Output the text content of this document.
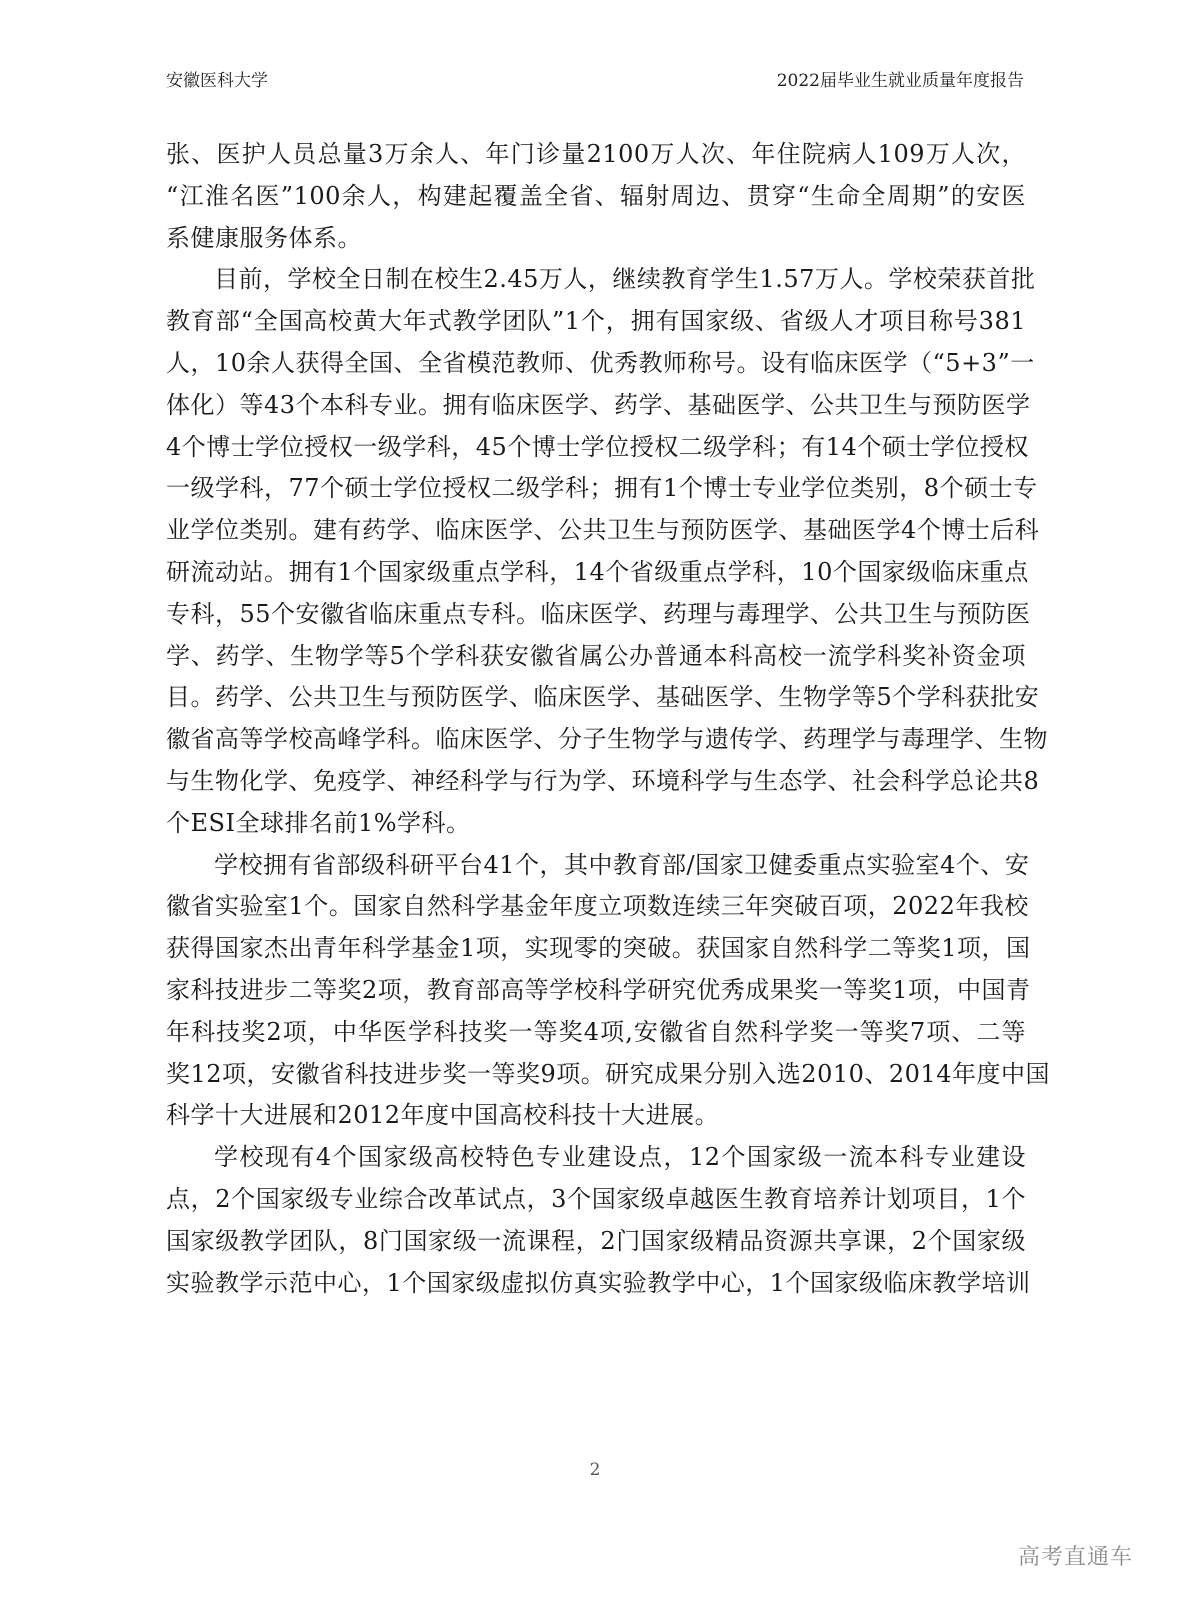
安徽医科大学	2022届毕业生就业质量年度报告
张、医护人员总量3万余人、年门诊量2100万人次、年住院病人109万人次，
“江淮名医”100余人，构建起覆盖全省、辐射周边、贯穿“生命全周期”的安医
系健康服务体系。
目前，学校全日制在校生2.45万人，继续教育学生1.57万人。学校荣获首批
教育部“全国高校黄大年式教学团队”1个，拥有国家级、省级人才项目称号381
人，10余人获得全国、全省模范教师、优秀教师称号。设有临床医学（“5+3”一
体化）等43个本科专业。拥有临床医学、药学、基础医学、公共卫生与预防医学
4个博士学位授权一级学科，45个博士学位授权二级学科；有14个硕士学位授权
一级学科，77个硕士学位授权二级学科；拥有1个博士专业学位类别，8个硕士专
业学位类别。建有药学、临床医学、公共卫生与预防医学、基础医学4个博士后科
研流动站。拥有1个国家级重点学科，14个省级重点学科，10个国家级临床重点
专科，55个安徽省临床重点专科。临床医学、药理与毒理学、公共卫生与预防医
学、药学、生物学等5个学科获安徽省属公办普通本科高校一流学科奖补资金项
目。药学、公共卫生与预防医学、临床医学、基础医学、生物学等5个学科获批安
徽省高等学校高峰学科。临床医学、分子生物学与遗传学、药理学与毒理学、生物
与生物化学、免疫学、神经科学与行为学、环境科学与生态学、社会科学总论共8
个ESI全球排名前1%学科。
学校拥有省部级科研平台41个，其中教育部/国家卫健委重点实验室4个、安
徽省实验室1个。国家自然科学基金年度立项数连续三年突破百项，2022年我校
获得国家杰出青年科学基金1项，实现零的突破。获国家自然科学二等奖1项，国
家科技进步二等奖2项，教育部高等学校科学研究优秀成果奖一等奖1项，中国青
年科技奖2项，中华医学科技奖一等奖4项,安徽省自然科学奖一等奖7项、二等
奖12项，安徽省科技进步奖一等奖9项。研究成果分别入选2010、2014年度中国
科学十大进展和2012年度中国高校科技十大进展。
学校现有4个国家级高校特色专业建设点，12个国家级一流本科专业建设
点，2个国家级专业综合改革试点，3个国家级卓越医生教育培养计划项目，1个
国家级教学团队，8门国家级一流课程，2门国家级精品资源共享课，2个国家级
实验教学示范中心，1个国家级虚拟仿真实验教学中心，1个国家级临床教学培训
2
高考直通车
